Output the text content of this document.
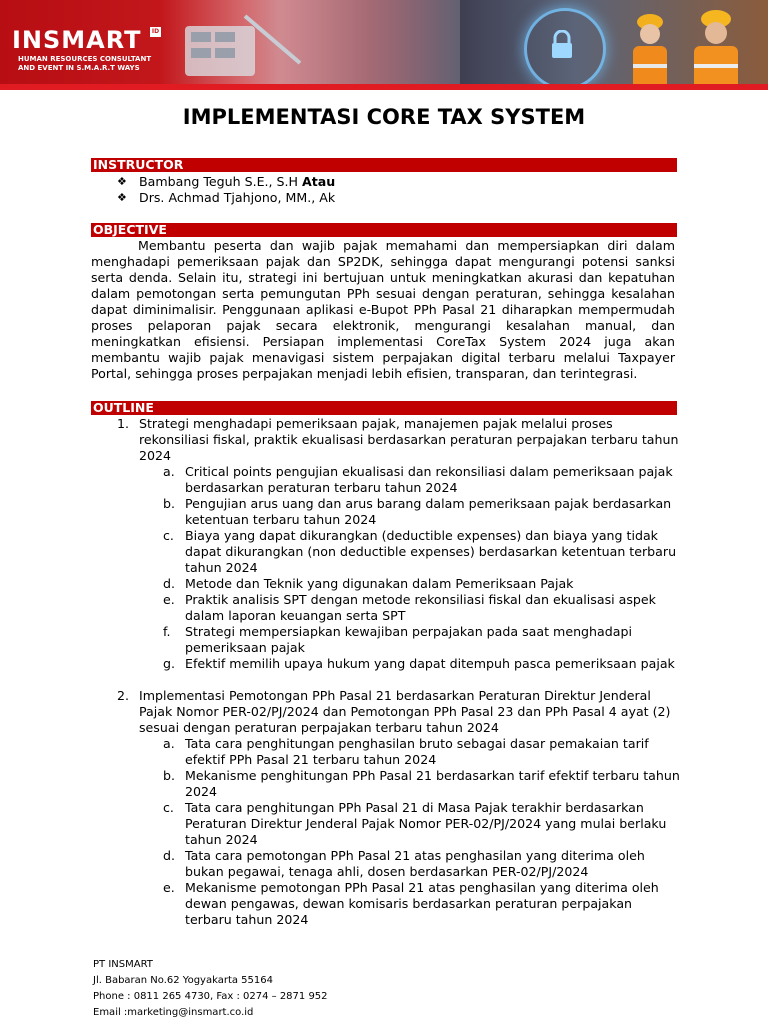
INSMART	ID
HUMAN RESOURCES CONSULTANT
AND EVENT IN S.M.A.R.T WAYS
IMPLEMENTASI CORE TAX SYSTEM
INSTRUCTOR
❖ Bambang Teguh S.E., S.H
Atau
❖ Drs. Achmad Tjahjono, MM., Ak
OBJECTIVE

Membantu peserta dan wajib pajak memahami dan mempersiapkan diri dalam menghadapi pemeriksaan pajak dan SP2DK, sehingga dapat mengurangi potensi sanksi serta denda. Selain itu, strategi ini bertujuan untuk meningkatkan akurasi dan kepatuhan dalam pemotongan serta pemungutan PPh sesuai dengan peraturan, sehingga kesalahan dapat diminimalisir. Penggunaan aplikasi e-Bupot PPh Pasal 21 diharapkan mempermudah proses pelaporan pajak secara elektronik, mengurangi kesalahan manual, dan meningkatkan efisiensi. Persiapan implementasi CoreTax System 2024 juga akan membantu wajib pajak menavigasi sistem perpajakan digital terbaru melalui Taxpayer Portal, sehingga proses perpajakan menjadi lebih efisien, transparan, dan terintegrasi.

OUTLINE
1. Strategi menghadapi pemeriksaan pajak, manajemen pajak melalui proses rekonsiliasi fiskal, praktik ekualisasi berdasarkan peraturan perpajakan terbaru tahun 2024
a. Critical points pengujian ekualisasi dan rekonsiliasi dalam pemeriksaan pajak berdasarkan peraturan terbaru tahun 2024
b. Pengujian arus uang dan arus barang dalam pemeriksaan pajak berdasarkan ketentuan terbaru tahun 2024
c. Biaya yang dapat dikurangkan (deductible expenses) dan biaya yang tidak dapat dikurangkan (non deductible expenses) berdasarkan ketentuan terbaru tahun 2024
d. Metode dan Teknik yang digunakan dalam Pemeriksaan Pajak
e. Praktik analisis SPT dengan metode rekonsiliasi fiskal dan ekualisasi aspek dalam laporan keuangan serta SPT
f. Strategi mempersiapkan kewajiban perpajakan pada saat menghadapi pemeriksaan pajak
g. Efektif memilih upaya hukum yang dapat ditempuh pasca pemeriksaan pajak
2. Implementasi Pemotongan PPh Pasal 21 berdasarkan Peraturan Direktur Jenderal Pajak Nomor PER-02/PJ/2024 dan Pemotongan PPh Pasal 23 dan PPh Pasal 4 ayat (2) sesuai dengan peraturan perpajakan terbaru tahun 2024
a. Tata cara penghitungan penghasilan bruto sebagai dasar pemakaian tarif efektif PPh Pasal 21 terbaru tahun 2024
b. Mekanisme penghitungan PPh Pasal 21 berdasarkan tarif efektif terbaru tahun 2024
c. Tata cara penghitungan PPh Pasal 21 di Masa Pajak terakhir berdasarkan Peraturan Direktur Jenderal Pajak Nomor PER-02/PJ/2024 yang mulai berlaku tahun 2024
d. Tata cara pemotongan PPh Pasal 21 atas penghasilan yang diterima oleh bukan pegawai, tenaga ahli, dosen berdasarkan PER-02/PJ/2024
e. Mekanisme pemotongan PPh Pasal 21 atas penghasilan yang diterima oleh dewan pengawas, dewan komisaris berdasarkan peraturan perpajakan terbaru tahun 2024
PT INSMART
Jl. Babaran No.62 Yogyakarta 55164
Phone : 0811 265 4730, Fax : 0274 – 2871 952
Email :marketing@insmart.co.id
